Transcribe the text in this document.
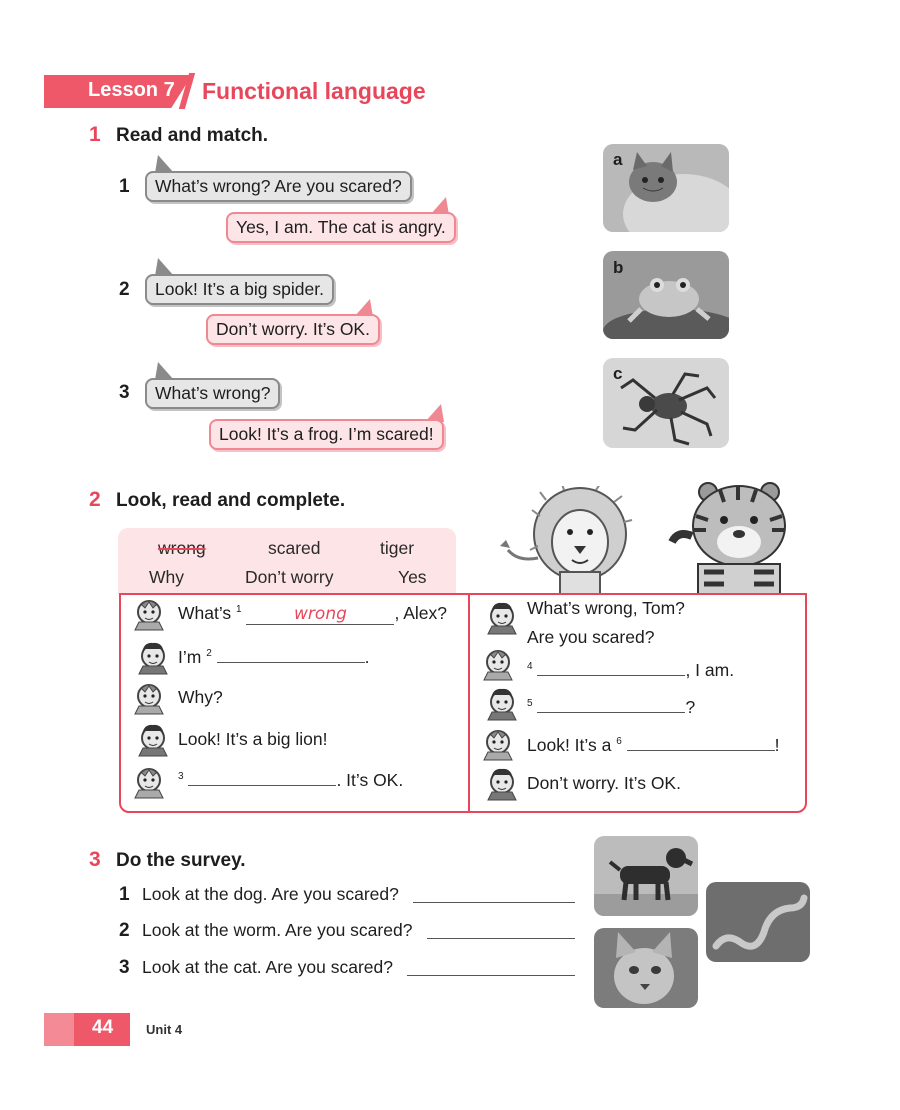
Lesson 7 Functional language
1 Read and match.
1	What’s wrong? Are you scared?
Yes, I am. The cat is angry.
2	Look! It’s a big spider.
Don’t worry. It’s OK.
3	What’s wrong?
Look! It’s a frog. I’m scared!
a
b
c
2 Look, read and complete.
wrong	scared	tiger
Why	Don’t worry	Yes
What’s $^1$	wrong	, Alex?
I’m $^2$	.
Why?
Look! It’s a big lion!
$^3$	. It’s OK.
What’s wrong, Tom?
Are you scared?
$^4$	, I am.
$^5$	?
Look! It’s a $^6$	!
Don’t worry. It’s OK.
3 Do the survey.
1 Look at the dog. Are you scared?
2 Look at the worm. Are you scared?
3 Look at the cat. Are you scared?
44	Unit 4
